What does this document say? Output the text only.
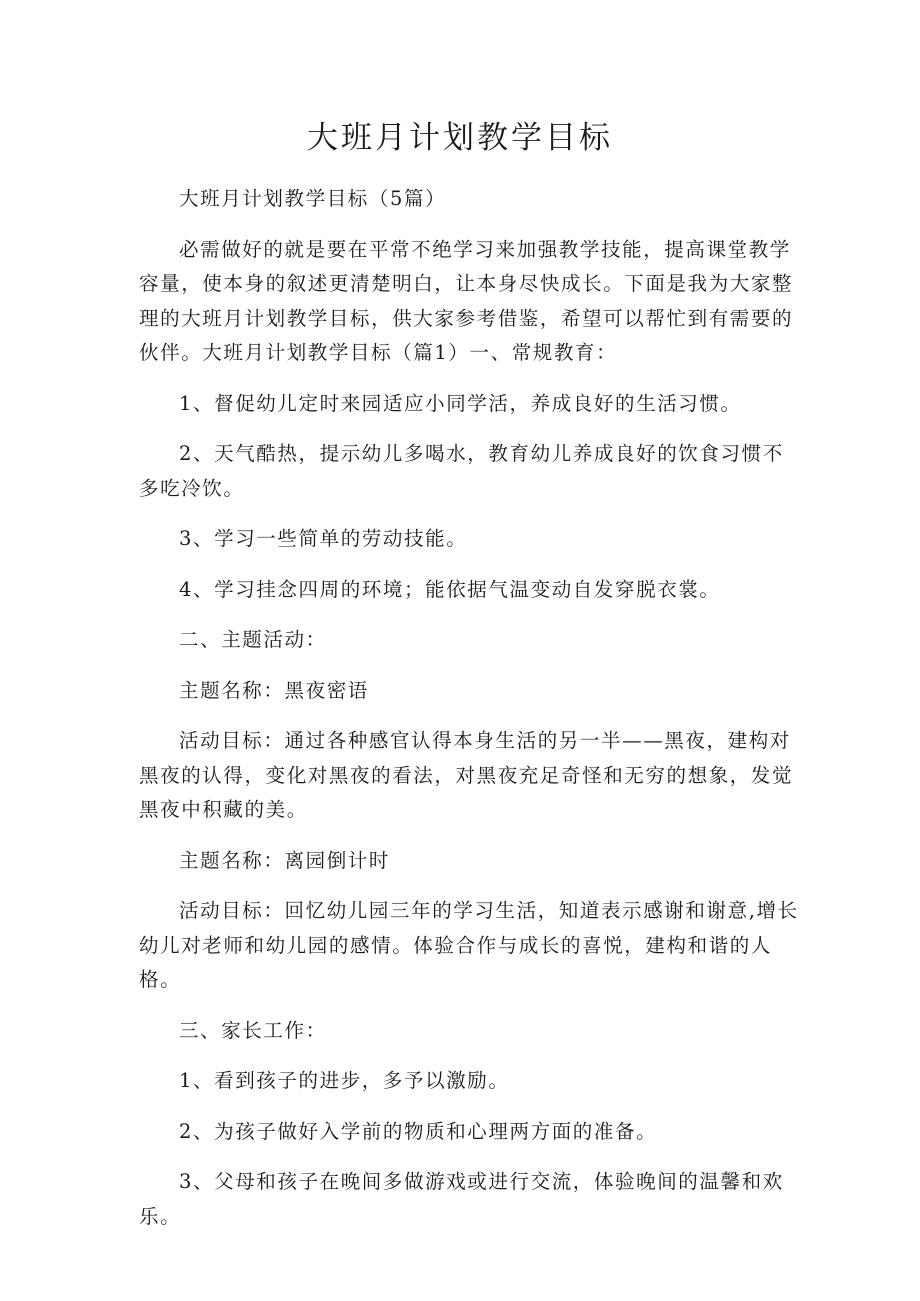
大班月计划教学目标

大班月计划教学目标（5篇）

必需做好的就是要在平常不绝学习来加强教学技能，提高课堂教学容量，使本身的叙述更清楚明白，让本身尽快成长。下面是我为大家整理的大班月计划教学目标，供大家参考借鉴，希望可以帮忙到有需要的伙伴。大班月计划教学目标（篇1）一、常规教育：

1、督促幼儿定时来园适应小同学活，养成良好的生活习惯。

2、天气酷热，提示幼儿多喝水，教育幼儿养成良好的饮食习惯不多吃冷饮。

3、学习一些简单的劳动技能。

4、学习挂念四周的环境；能依据气温变动自发穿脱衣裳。

二、主题活动：

主题名称：黑夜密语

活动目标：通过各种感官认得本身生活的另一半——黑夜，建构对黑夜的认得，变化对黑夜的看法，对黑夜充足奇怪和无穷的想象，发觉黑夜中积藏的美。

主题名称：离园倒计时

活动目标：回忆幼儿园三年的学习生活，知道表示感谢和谢意,增长幼儿对老师和幼儿园的感情。体验合作与成长的喜悦，建构和谐的人格。

三、家长工作：

1、看到孩子的进步，多予以激励。

2、为孩子做好入学前的物质和心理两方面的准备。

3、父母和孩子在晚间多做游戏或进行交流，体验晚间的温馨和欢乐。
